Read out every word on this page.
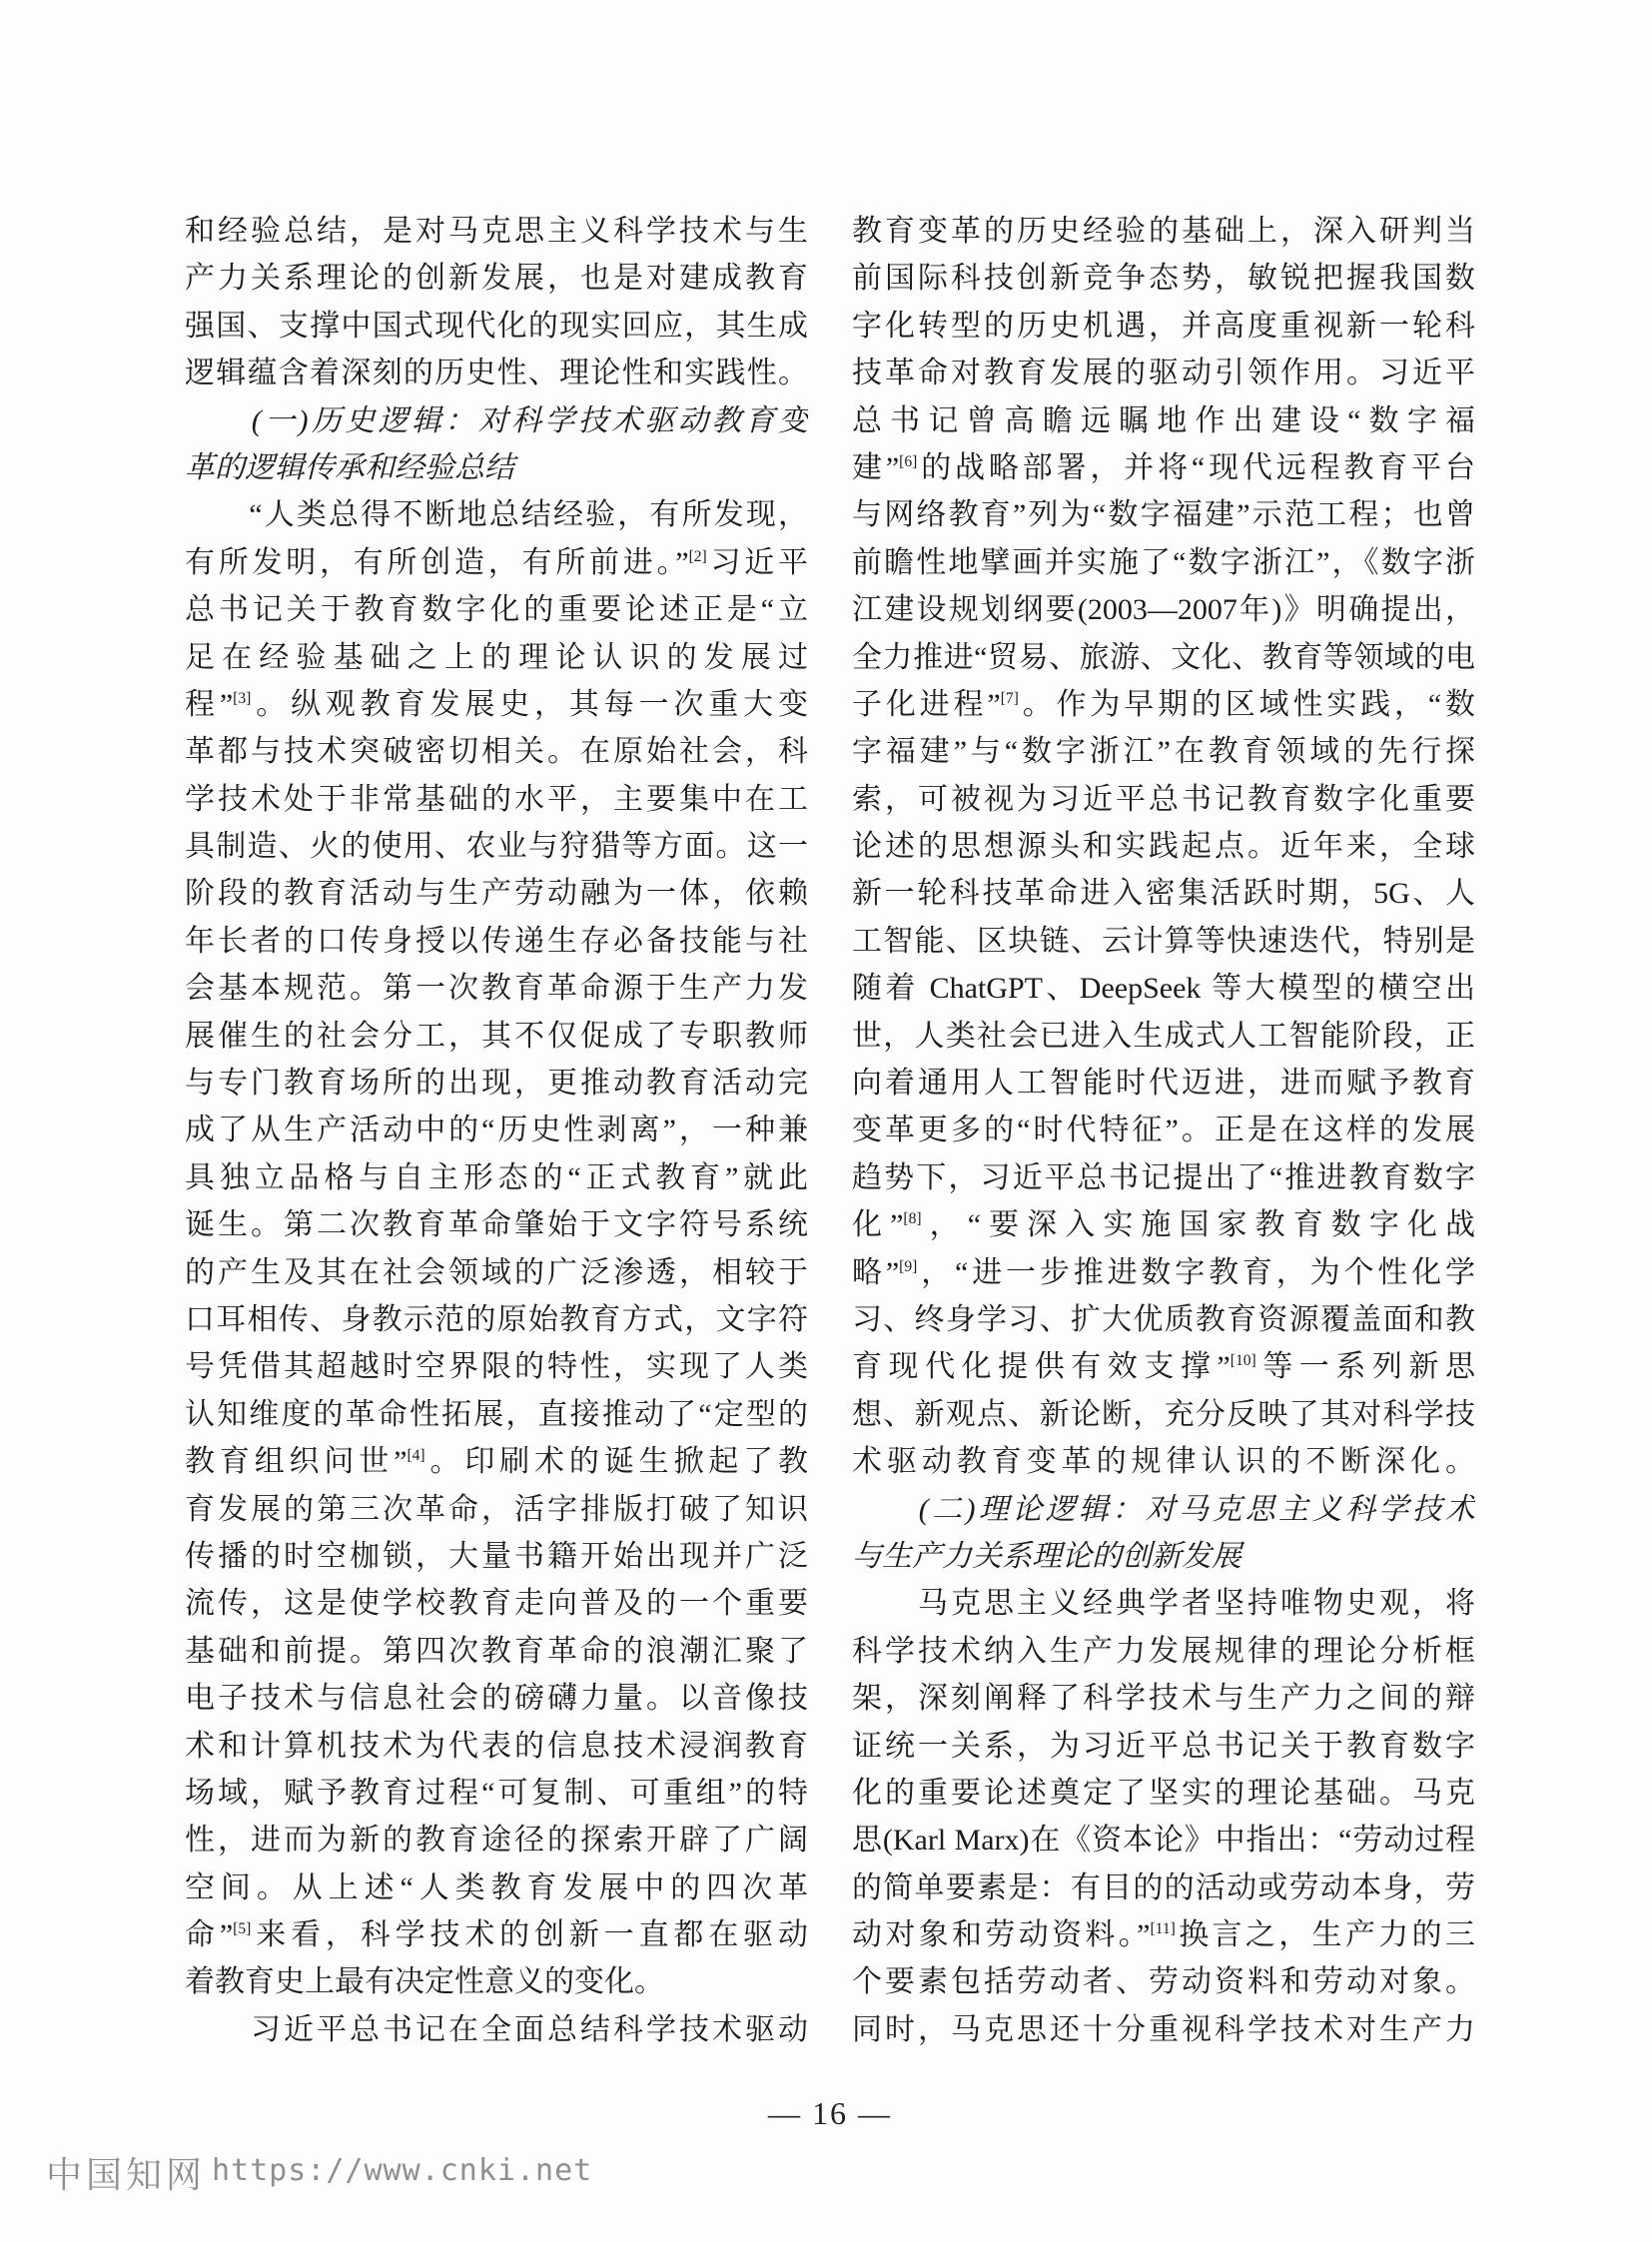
和经验总结，是对马克思主义科学技术与生
产力关系理论的创新发展，也是对建成教育
强国、支撑中国式现代化的现实回应，其生成
逻辑蕴含着深刻的历史性、理论性和实践性。
　　(一)历史逻辑：对科学技术驱动教育变
革的逻辑传承和经验总结
　　“人类总得不断地总结经验，有所发现，
有所发明，有所创造，有所前进。”[2]习近平
总书记关于教育数字化的重要论述正是“立
足在经验基础之上的理论认识的发展过
程”[3]。纵观教育发展史，其每一次重大变
革都与技术突破密切相关。在原始社会，科
学技术处于非常基础的水平，主要集中在工
具制造、火的使用、农业与狩猎等方面。这一
阶段的教育活动与生产劳动融为一体，依赖
年长者的口传身授以传递生存必备技能与社
会基本规范。第一次教育革命源于生产力发
展催生的社会分工，其不仅促成了专职教师
与专门教育场所的出现，更推动教育活动完
成了从生产活动中的“历史性剥离”，一种兼
具独立品格与自主形态的“正式教育”就此
诞生。第二次教育革命肇始于文字符号系统
的产生及其在社会领域的广泛渗透，相较于
口耳相传、身教示范的原始教育方式，文字符
号凭借其超越时空界限的特性，实现了人类
认知维度的革命性拓展，直接推动了“定型的
教育组织问世”[4]。印刷术的诞生掀起了教
育发展的第三次革命，活字排版打破了知识
传播的时空枷锁，大量书籍开始出现并广泛
流传，这是使学校教育走向普及的一个重要
基础和前提。第四次教育革命的浪潮汇聚了
电子技术与信息社会的磅礴力量。以音像技
术和计算机技术为代表的信息技术浸润教育
场域，赋予教育过程“可复制、可重组”的特
性，进而为新的教育途径的探索开辟了广阔
空间。从上述“人类教育发展中的四次革
命”[5]来看，科学技术的创新一直都在驱动
着教育史上最有决定性意义的变化。
　　习近平总书记在全面总结科学技术驱动
教育变革的历史经验的基础上，深入研判当
前国际科技创新竞争态势，敏锐把握我国数
字化转型的历史机遇，并高度重视新一轮科
技革命对教育发展的驱动引领作用。习近平
总书记曾高瞻远瞩地作出建设“数字福
建”[6]的战略部署，并将“现代远程教育平台
与网络教育”列为“数字福建”示范工程；也曾
前瞻性地擘画并实施了“数字浙江”，《数字浙
江建设规划纲要(2003—2007年)》明确提出，
全力推进“贸易、旅游、文化、教育等领域的电
子化进程”[7]。作为早期的区域性实践，“数
字福建”与“数字浙江”在教育领域的先行探
索，可被视为习近平总书记教育数字化重要
论述的思想源头和实践起点。近年来，全球
新一轮科技革命进入密集活跃时期，5G、人
工智能、区块链、云计算等快速迭代，特别是
随着 ChatGPT、DeepSeek 等大模型的横空出
世，人类社会已进入生成式人工智能阶段，正
向着通用人工智能时代迈进，进而赋予教育
变革更多的“时代特征”。正是在这样的发展
趋势下，习近平总书记提出了“推进教育数字
化”[8]，“要深入实施国家教育数字化战
略”[9]，“进一步推进数字教育，为个性化学
习、终身学习、扩大优质教育资源覆盖面和教
育现代化提供有效支撑”[10]等一系列新思
想、新观点、新论断，充分反映了其对科学技
术驱动教育变革的规律认识的不断深化。
　　(二)理论逻辑：对马克思主义科学技术
与生产力关系理论的创新发展
　　马克思主义经典学者坚持唯物史观，将
科学技术纳入生产力发展规律的理论分析框
架，深刻阐释了科学技术与生产力之间的辩
证统一关系，为习近平总书记关于教育数字
化的重要论述奠定了坚实的理论基础。马克
思(Karl Marx)在《资本论》中指出：“劳动过程
的简单要素是：有目的的活动或劳动本身，劳
动对象和劳动资料。”[11]换言之，生产力的三
个要素包括劳动者、劳动资料和劳动对象。
同时，马克思还十分重视科学技术对生产力
— 16 —
中国知网 https://www.cnki.net
